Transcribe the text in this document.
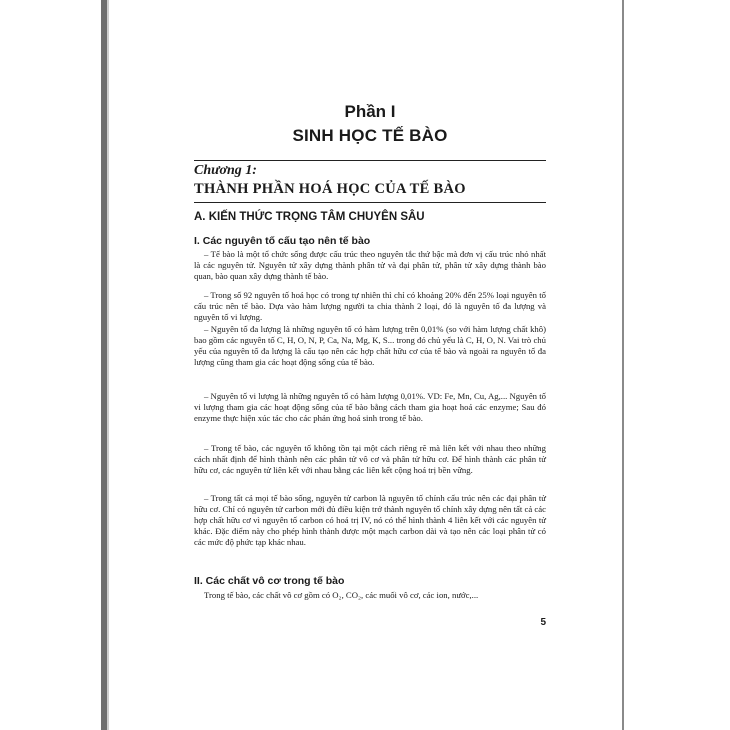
Phần I
SINH HỌC TẾ BÀO
Chương 1:
THÀNH PHẦN HOÁ HỌC CỦA TẾ BÀO
A. KIẾN THỨC TRỌNG TÂM CHUYÊN SÂU
I. Các nguyên tố cấu tạo nên tế bào

– Tế bào là một tổ chức sống được cấu trúc theo nguyên tắc thứ bậc mà đơn vị cấu trúc nhỏ nhất là các nguyên tử. Nguyên tử xây dựng thành phân tử và đại phân tử, phân tử xây dựng thành bào quan, bào quan xây dựng thành tế bào.

– Trong số 92 nguyên tố hoá học có trong tự nhiên thì chỉ có khoảng 20% đến 25% loại nguyên tố cấu trúc nên tế bào. Dựa vào hàm lượng người ta chia thành 2 loại, đó là nguyên tố đa lượng và nguyên tố vi lượng.

– Nguyên tố đa lượng là những nguyên tố có hàm lượng trên 0,01% (so với hàm lượng chất khô) bao gồm các nguyên tố C, H, O, N, P, Ca, Na, Mg, K, S... trong đó chủ yếu là C, H, O, N. Vai trò chủ yếu của nguyên tố đa lượng là cấu tạo nên các hợp chất hữu cơ của tế bào và ngoài ra nguyên tố đa lượng cũng tham gia các hoạt động sống của tế bào.

– Nguyên tố vi lượng là những nguyên tố có hàm lượng 0,01%. VD: Fe, Mn, Cu, Ag,... Nguyên tố vi lượng tham gia các hoạt động sống của tế bào bằng cách tham gia hoạt hoá các enzyme; Sau đó enzyme thực hiện xúc tác cho các phản ứng hoá sinh trong tế bào.

– Trong tế bào, các nguyên tố không tồn tại một cách riêng rẽ mà liên kết với nhau theo những cách nhất định để hình thành nên các phân tử vô cơ và phân tử hữu cơ. Để hình thành các phân tử hữu cơ, các nguyên tử liên kết với nhau bằng các liên kết cộng hoá trị bền vững.

– Trong tất cả mọi tế bào sống, nguyên tử carbon là nguyên tố chính cấu trúc nên các đại phân tử hữu cơ. Chỉ có nguyên tử carbon mới đủ điều kiện trở thành nguyên tố chính xây dựng nên tất cả các hợp chất hữu cơ vì nguyên tố carbon có hoá trị IV, nó có thể hình thành 4 liên kết với các nguyên tử khác. Đặc điểm này cho phép hình thành được một mạch carbon dài và tạo nên các loại phân tử có các mức độ phức tạp khác nhau.

II. Các chất vô cơ trong tế bào

Trong tế bào, các chất vô cơ gồm có O₂, CO₂, các muối vô cơ, các ion, nước,...

5
